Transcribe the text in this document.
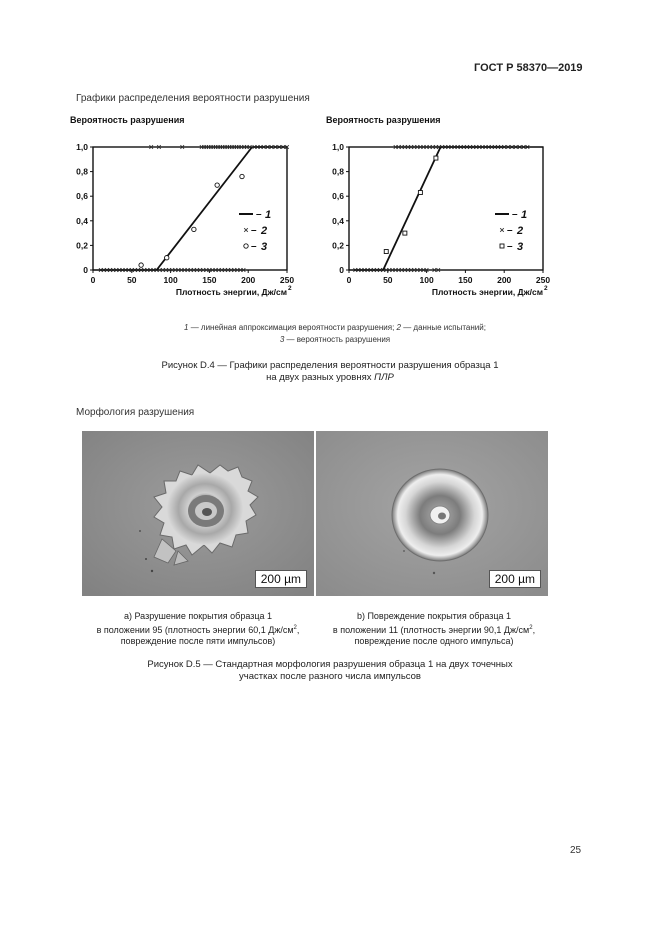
ГОСТ Р 58370—2019
Графики распределения вероятности разрушения
Вероятность разрушения
0
0,2
0,4
0,6
0,8
1,0
0	50	100	150	200	250
Плотность энергии, Дж/см 2
– 1
– 2
– 3
Вероятность разрушения
0
0,2
0,4
0,6
0,8
1,0
0	50	100	150	200	250
Плотность энергии, Дж/см 2
– 1
– 2
– 3
1 — линейная аппроксимация вероятности разрушения; 2 — данные испытаний;
3 — вероятность разрушения
Рисунок D.4 — Графики распределения вероятности разрушения образца 1
на двух разных уровнях ПЛР
Морфология разрушения
200 µm	200 µm
а) Разрушение покрытия образца 1
в положении 95 (плотность энергии 60,1 $Дж/см^2$,
повреждение после пяти импульсов)
b) Повреждение покрытия образца 1
в положении 11 (плотность энергии 90,1 $Дж/см^2$,
повреждение после одного импульса)
Рисунок D.5 — Стандартная морфология разрушения образца 1 на двух точечных
участках после разного числа импульсов
25
